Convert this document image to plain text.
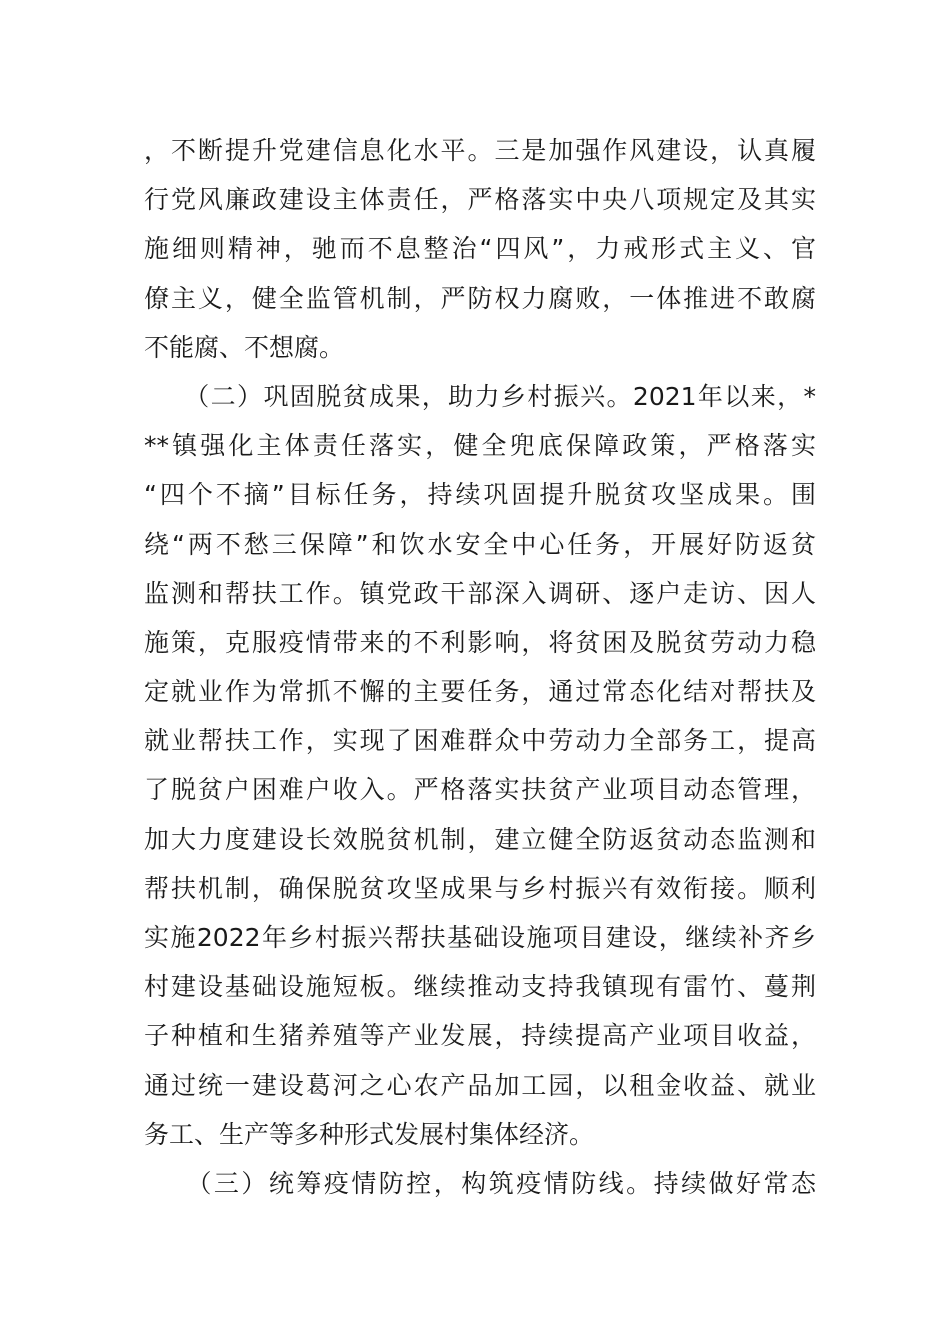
，不断提升党建信息化水平。三是加强作风建设，认真履
行党风廉政建设主体责任，严格落实中央八项规定及其实
施细则精神，驰而不息整治“四风”，力戒形式主义、官
僚主义，健全监管机制，严防权力腐败，一体推进不敢腐
不能腐、不想腐。
　　（二）巩固脱贫成果，助力乡村振兴。2021年以来，*
**镇强化主体责任落实，健全兜底保障政策，严格落实
“四个不摘”目标任务，持续巩固提升脱贫攻坚成果。围
绕“两不愁三保障”和饮水安全中心任务，开展好防返贫
监测和帮扶工作。镇党政干部深入调研、逐户走访、因人
施策，克服疫情带来的不利影响，将贫困及脱贫劳动力稳
定就业作为常抓不懈的主要任务，通过常态化结对帮扶及
就业帮扶工作，实现了困难群众中劳动力全部务工，提高
了脱贫户困难户收入。严格落实扶贫产业项目动态管理，
加大力度建设长效脱贫机制，建立健全防返贫动态监测和
帮扶机制，确保脱贫攻坚成果与乡村振兴有效衔接。顺利
实施2022年乡村振兴帮扶基础设施项目建设，继续补齐乡
村建设基础设施短板。继续推动支持我镇现有雷竹、蔓荆
子种植和生猪养殖等产业发展，持续提高产业项目收益，
通过统一建设葛河之心农产品加工园，以租金收益、就业
务工、生产等多种形式发展村集体经济。
　　（三）统筹疫情防控，构筑疫情防线。持续做好常态
